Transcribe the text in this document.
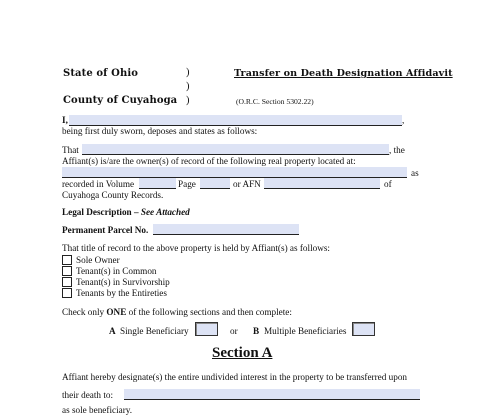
State of Ohio	)
)
)
County of Cuyahoga
Transfer on Death Designation Affidavit
(O.R.C. Section 5302.22)
I,	,
being first duly sworn, deposes and states as follows:
That	, the
Affiant(s) is/are the owner(s) of record of the following real property located at:
as
recorded in Volume	Page	or AFN	of
Cuyahoga County Records.
Legal Description – See Attached
Permanent Parcel No.
That title of record to the above property is held by Affiant(s) as follows:
Sole Owner
Tenant(s) in Common
Tenant(s) in Survivorship
Tenants by the Entireties
Check only ONE of the following sections and then complete:
A Single Beneficiary	or B Multiple Beneficiaries
Section A
Affiant hereby designate(s) the entire undivided interest in the property to be transferred upon
their death to:
as sole beneficiary.
